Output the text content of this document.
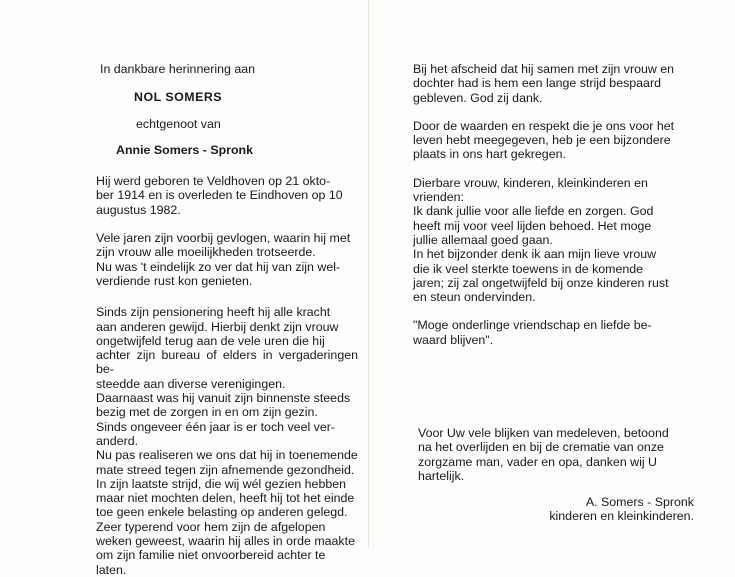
In dankbare herinnering aan

NOL SOMERS
echtgenoot van
Annie Somers - Spronk
Hij werd geboren te Veldhoven op 21 okto-
ber 1914 en is overleden te Eindhoven op 10
augustus 1982.
Vele jaren zijn voorbij gevlogen, waarin hij met
zijn vrouw alle moeilijkheden trotseerde.
Nu was 't eindelijk zo ver dat hij van zijn wel-
verdiende rust kon genieten.
Sinds zijn pensionering heeft hij alle kracht
aan anderen gewijd. Hierbij denkt zijn vrouw
ongetwijfeld terug aan de vele uren die hij
achter zijn bureau of elders in vergaderingen be-
steedde aan diverse verenigingen.
Daarnaast was hij vanuit zijn binnenste steeds
bezig met de zorgen in en om zijn gezin.
Sinds ongeveer één jaar is er toch veel ver-
anderd.
Nu pas realiseren we ons dat hij in toenemende
mate streed tegen zijn afnemende gezondheid.
In zijn laatste strijd, die wij wél gezien hebben
maar niet mochten delen, heeft hij tot het einde
toe geen enkele belasting op anderen gelegd.
Zeer typerend voor hem zijn de afgelopen
weken geweest, waarin hij alles in orde maakte
om zijn familie niet onvoorbereid achter te
laten.
Bij het afscheid dat hij samen met zijn vrouw en
dochter had is hem een lange strijd bespaard
gebleven. God zij dank.
Door de waarden en respekt die je ons voor het
leven hebt meegegeven, heb je een bijzondere
plaats in ons hart gekregen.
Dierbare vrouw, kinderen, kleinkinderen en
vrienden:
Ik dank jullie voor alle liefde en zorgen. God
heeft mij voor veel lijden behoed. Het moge
jullie allemaal goed gaan.
In het bijzonder denk ik aan mijn lieve vrouw
die ik veel sterkte toewens in de komende
jaren; zij zal ongetwijfeld bij onze kinderen rust
en steun ondervinden.
"Moge onderlinge vriendschap en liefde be-
waard blijven".
Voor Uw vele blijken van medeleven, betoond
na het overlijden en bij de crematie van onze
zorgzame man, vader en opa, danken wij U
hartelijk.
A. Somers - Spronk
kinderen en kleinkinderen.
